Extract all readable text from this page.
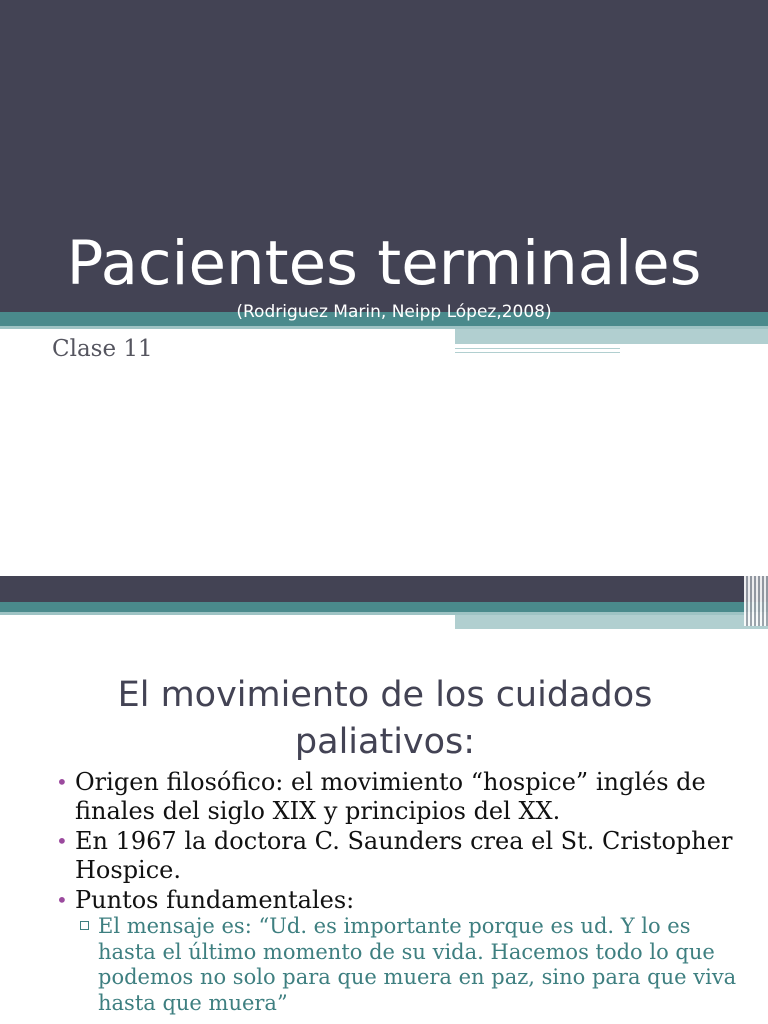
Pacientes terminales
(Rodriguez Marin, Neipp López,2008)
Clase 11
El movimiento de los cuidados paliativos:
• Origen filosófico: el movimiento “hospice” inglés de finales del siglo XIX y principios del XX.
• En 1967 la doctora C. Saunders crea el St. Cristopher Hospice.
• Puntos fundamentales:
El mensaje es: “Ud. es importante porque es ud. Y lo es hasta el último momento de su vida. Hacemos todo lo que podemos no solo para que muera en paz, sino para que viva hasta que muera”
